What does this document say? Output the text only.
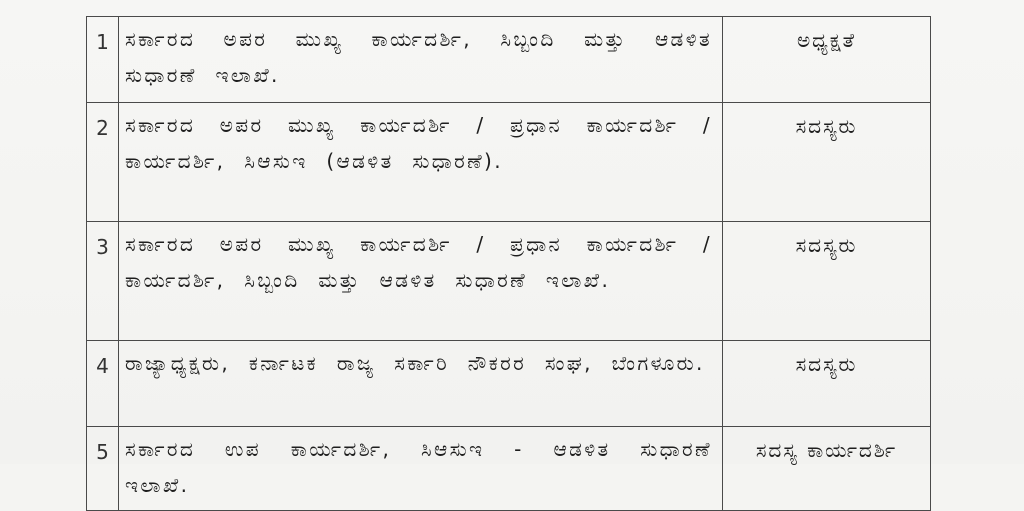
1	ಸರ್ಕಾರದ ಅಪರ ಮುಖ್ಯ ಕಾರ್ಯದರ್ಶಿ, ಸಿಬ್ಬಂದಿ ಮತ್ತು ಆಡಳಿತ ಸುಧಾರಣೆ ಇಲಾಖೆ.	ಅಧ್ಯಕ್ಷತೆ
2	ಸರ್ಕಾರದ ಅಪರ ಮುಖ್ಯ ಕಾರ್ಯದರ್ಶಿ / ಪ್ರಧಾನ ಕಾರ್ಯದರ್ಶಿ / ಕಾರ್ಯದರ್ಶಿ, ಸಿಆಸುಇ (ಆಡಳಿತ ಸುಧಾರಣೆ).	ಸದಸ್ಯರು
3	ಸರ್ಕಾರದ ಅಪರ ಮುಖ್ಯ ಕಾರ್ಯದರ್ಶಿ / ಪ್ರಧಾನ ಕಾರ್ಯದರ್ಶಿ / ಕಾರ್ಯದರ್ಶಿ, ಸಿಬ್ಬಂದಿ ಮತ್ತು ಆಡಳಿತ ಸುಧಾರಣೆ ಇಲಾಖೆ.	ಸದಸ್ಯರು
4	ರಾಜ್ಯಾಧ್ಯಕ್ಷರು, ಕರ್ನಾಟಕ ರಾಜ್ಯ ಸರ್ಕಾರಿ ನೌಕರರ ಸಂಘ, ಬೆಂಗಳೂರು.	ಸದಸ್ಯರು
5	ಸರ್ಕಾರದ ಉಪ ಕಾರ್ಯದರ್ಶಿ, ಸಿಆಸುಇ - ಆಡಳಿತ ಸುಧಾರಣೆ ಇಲಾಖೆ.	ಸದಸ್ಯ ಕಾರ್ಯದರ್ಶಿ
